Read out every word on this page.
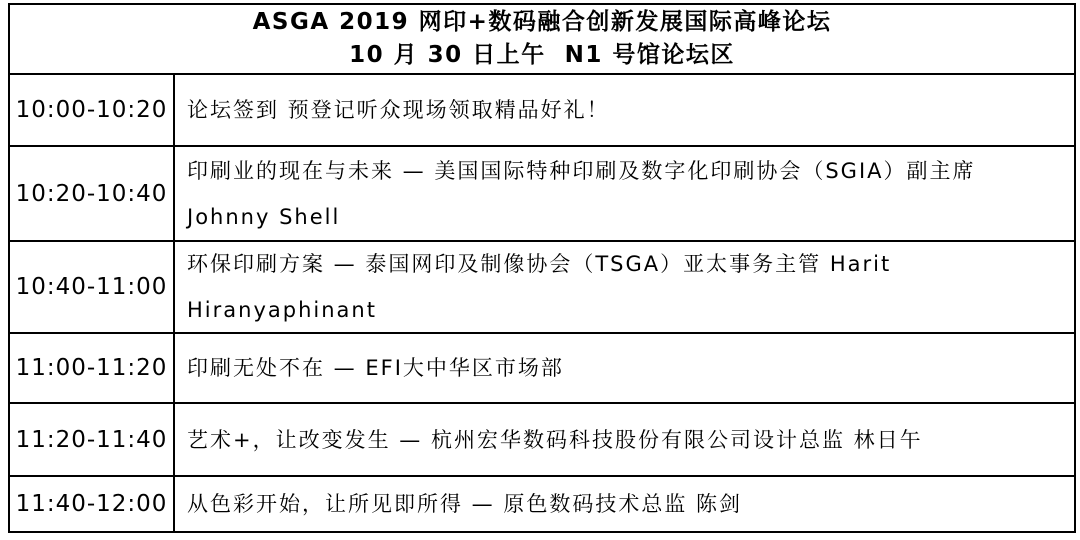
ASGA 2019 网印+数码融合创新发展国际高峰论坛
10 月 30 日上午  N1 号馆论坛区
10:00-10:20 论坛签到 预登记听众现场领取精品好礼！
10:20-10:40
印刷业的现在与未来 — 美国国际特种印刷及数字化印刷协会（SGIA）副主席
Johnny Shell
10:40-11:00
环保印刷方案 — 泰国网印及制像协会（TSGA）亚太事务主管 Harit
Hiranyaphinant
11:00-11:20 印刷无处不在 — EFI大中华区市场部
11:20-11:40 艺术+，让改变发生 — 杭州宏华数码科技股份有限公司设计总监 林日午
11:40-12:00 从色彩开始，让所见即所得 — 原色数码技术总监 陈剑
